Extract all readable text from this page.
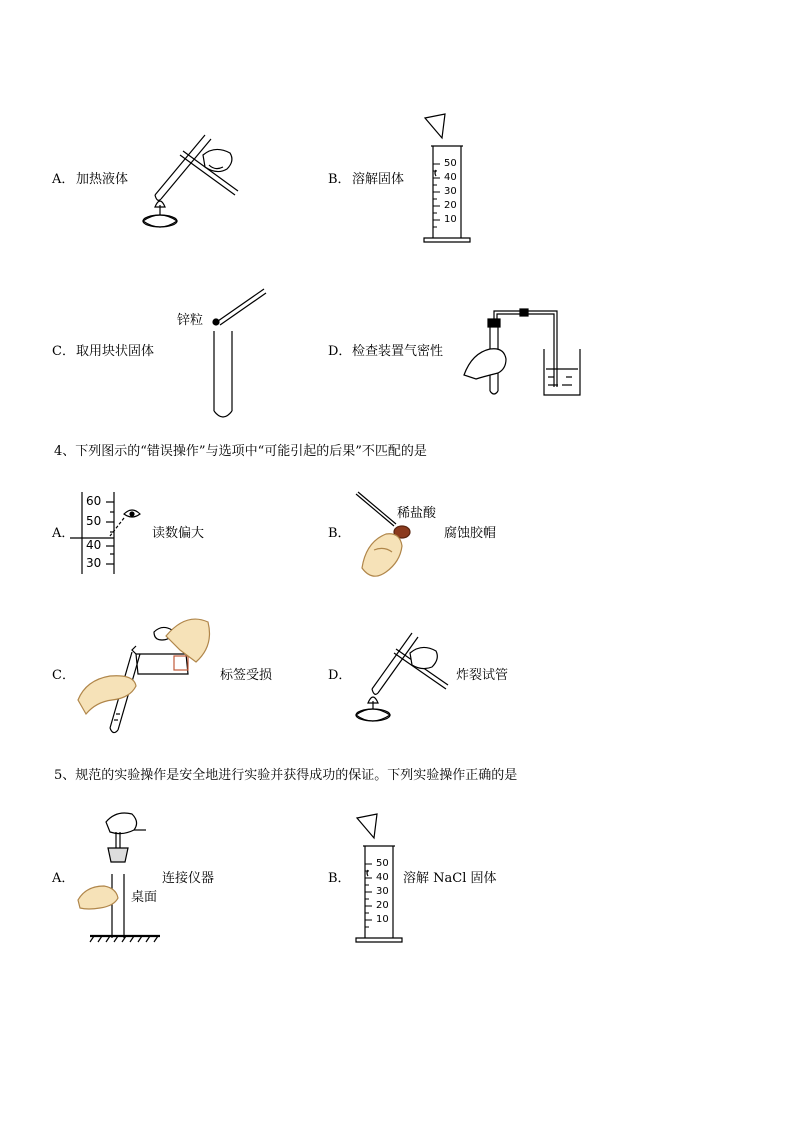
A． 加热液体	B． 溶解固体
50
40
30
20
10
C． 取用块状固体
锌粒
D． 检查装置气密性
4、下列图示的“错误操作”与选项中“可能引起的后果”不匹配的是
A．	读数偏大
60
50
40
30
B．	腐蚀胶帽
稀盐酸
C．	标签受损	D．	炸裂试管
5、规范的实验操作是安全地进行实验并获得成功的保证。下列实验操作正确的是
A．	连接仪器
桌面
B．	溶解 NaCl 固体
50
40
30
20
10
